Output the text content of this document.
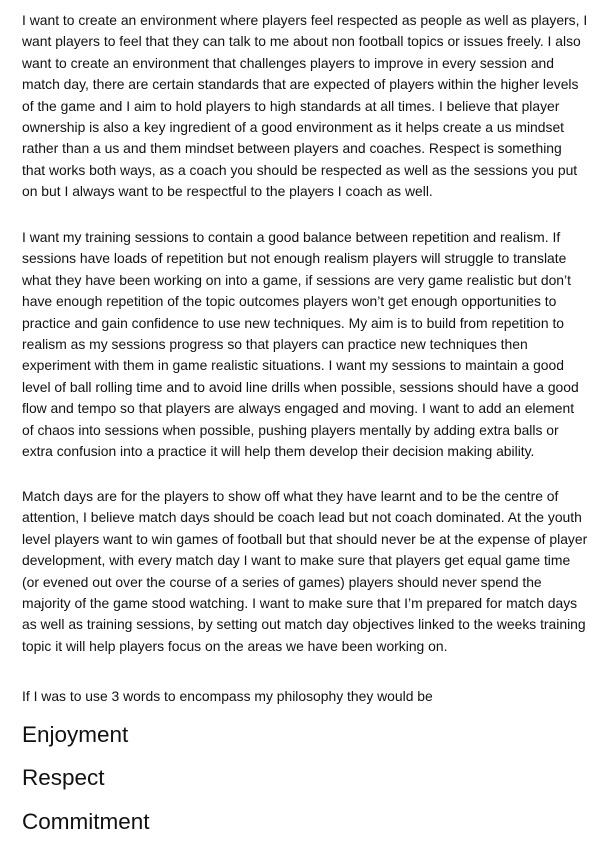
I want to create an environment where players feel respected as people as well as players, I want players to feel that they can talk to me about non football topics or issues freely. I also want to create an environment that challenges players to improve in every session and match day, there are certain standards that are expected of players within the higher levels of the game and I aim to hold players to high standards at all times. I believe that player ownership is also a key ingredient of a good environment as it helps create a us mindset rather than a us and them mindset between players and coaches. Respect is something that works both ways, as a coach you should be respected as well as the sessions you put on but I always want to be respectful to the players I coach as well.

I want my training sessions to contain a good balance between repetition and realism. If sessions have loads of repetition but not enough realism players will struggle to translate what they have been working on into a game, if sessions are very game realistic but don’t have enough repetition of the topic outcomes players won’t get enough opportunities to practice and gain confidence to use new techniques. My aim is to build from repetition to realism as my sessions progress so that players can practice new techniques then experiment with them in game realistic situations. I want my sessions to maintain a good level of ball rolling time and to avoid line drills when possible, sessions should have a good flow and tempo so that players are always engaged and moving. I want to add an element of chaos into sessions when possible, pushing players mentally by adding extra balls or extra confusion into a practice it will help them develop their decision making ability.

Match days are for the players to show off what they have learnt and to be the centre of attention, I believe match days should be coach lead but not coach dominated. At the youth level players want to win games of football but that should never be at the expense of player development, with every match day I want to make sure that players get equal game time (or evened out over the course of a series of games) players should never spend the majority of the game stood watching. I want to make sure that I’m prepared for match days as well as training sessions, by setting out match day objectives linked to the weeks training topic it will help players focus on the areas we have been working on.

If I was to use 3 words to encompass my philosophy they would be

Enjoyment

Respect

Commitment
